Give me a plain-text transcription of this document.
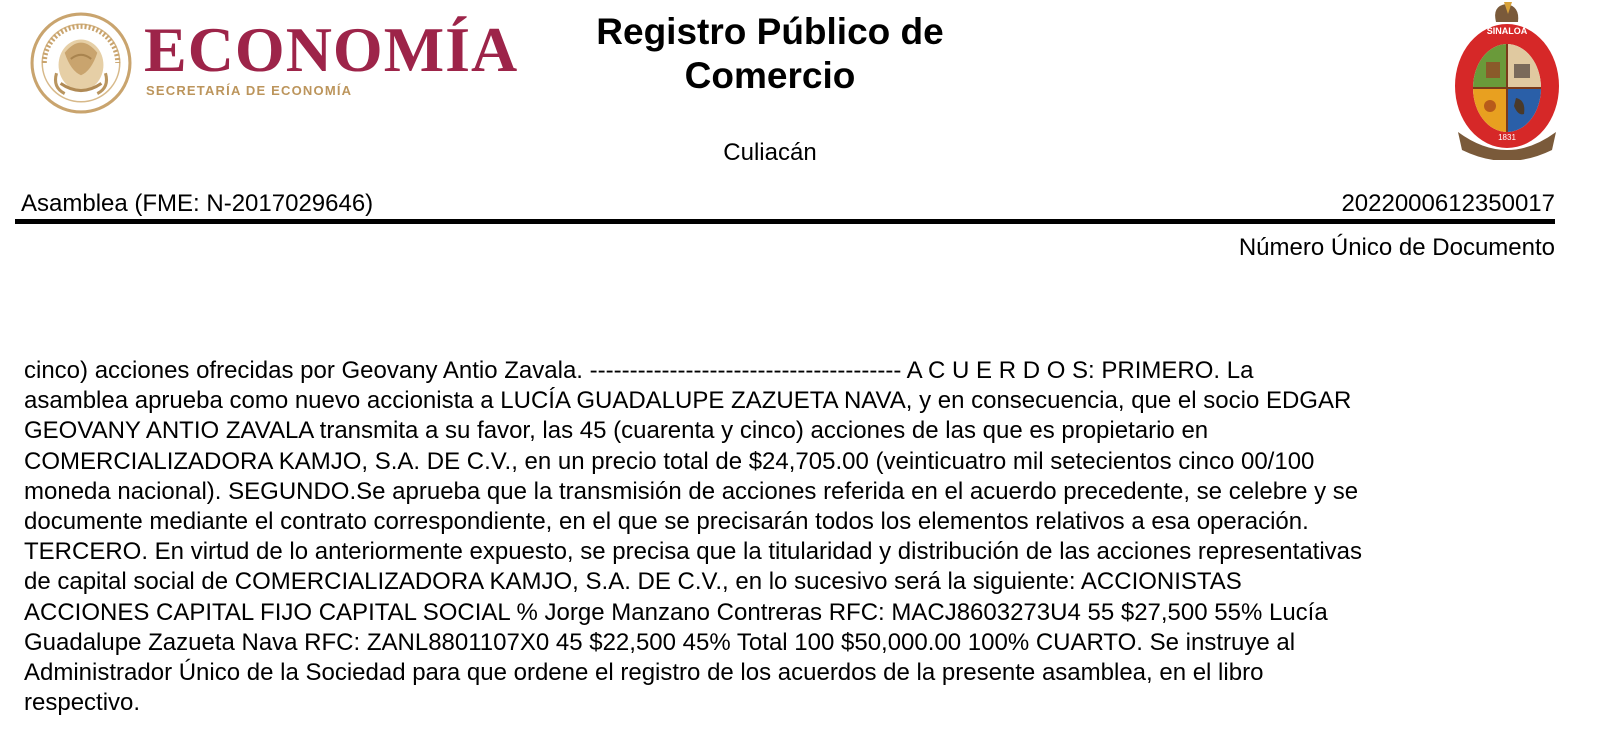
ECONOMÍA
SECRETARÍA DE ECONOMÍA
Registro Público de Comercio
Culiacán
SINALOA
1831
Asamblea (FME: N-2017029646)	2022000612350017
Número Único de Documento
cinco) acciones ofrecidas por Geovany Antio Zavala. --------------------------------------- A C U E R D O S: PRIMERO. La
asamblea aprueba como nuevo accionista a LUCÍA GUADALUPE ZAZUETA NAVA, y en consecuencia, que el socio EDGAR
GEOVANY ANTIO ZAVALA transmita a su favor, las 45 (cuarenta y cinco) acciones de las que es propietario en
COMERCIALIZADORA KAMJO, S.A. DE C.V., en un precio total de $24,705.00 (veinticuatro mil setecientos cinco 00/100
moneda nacional). SEGUNDO.Se aprueba que la transmisión de acciones referida en el acuerdo precedente, se celebre y se
documente mediante el contrato correspondiente, en el que se precisarán todos los elementos relativos a esa operación.
TERCERO. En virtud de lo anteriormente expuesto, se precisa que la titularidad y distribución de las acciones representativas
de capital social de COMERCIALIZADORA KAMJO, S.A. DE C.V., en lo sucesivo será la siguiente: ACCIONISTAS
ACCIONES CAPITAL FIJO CAPITAL SOCIAL % Jorge Manzano Contreras RFC: MACJ8603273U4 55 $27,500 55% Lucía
Guadalupe Zazueta Nava RFC: ZANL8801107X0 45 $22,500 45% Total 100 $50,000.00 100% CUARTO. Se instruye al
Administrador Único de la Sociedad para que ordene el registro de los acuerdos de la presente asamblea, en el libro
respectivo.
